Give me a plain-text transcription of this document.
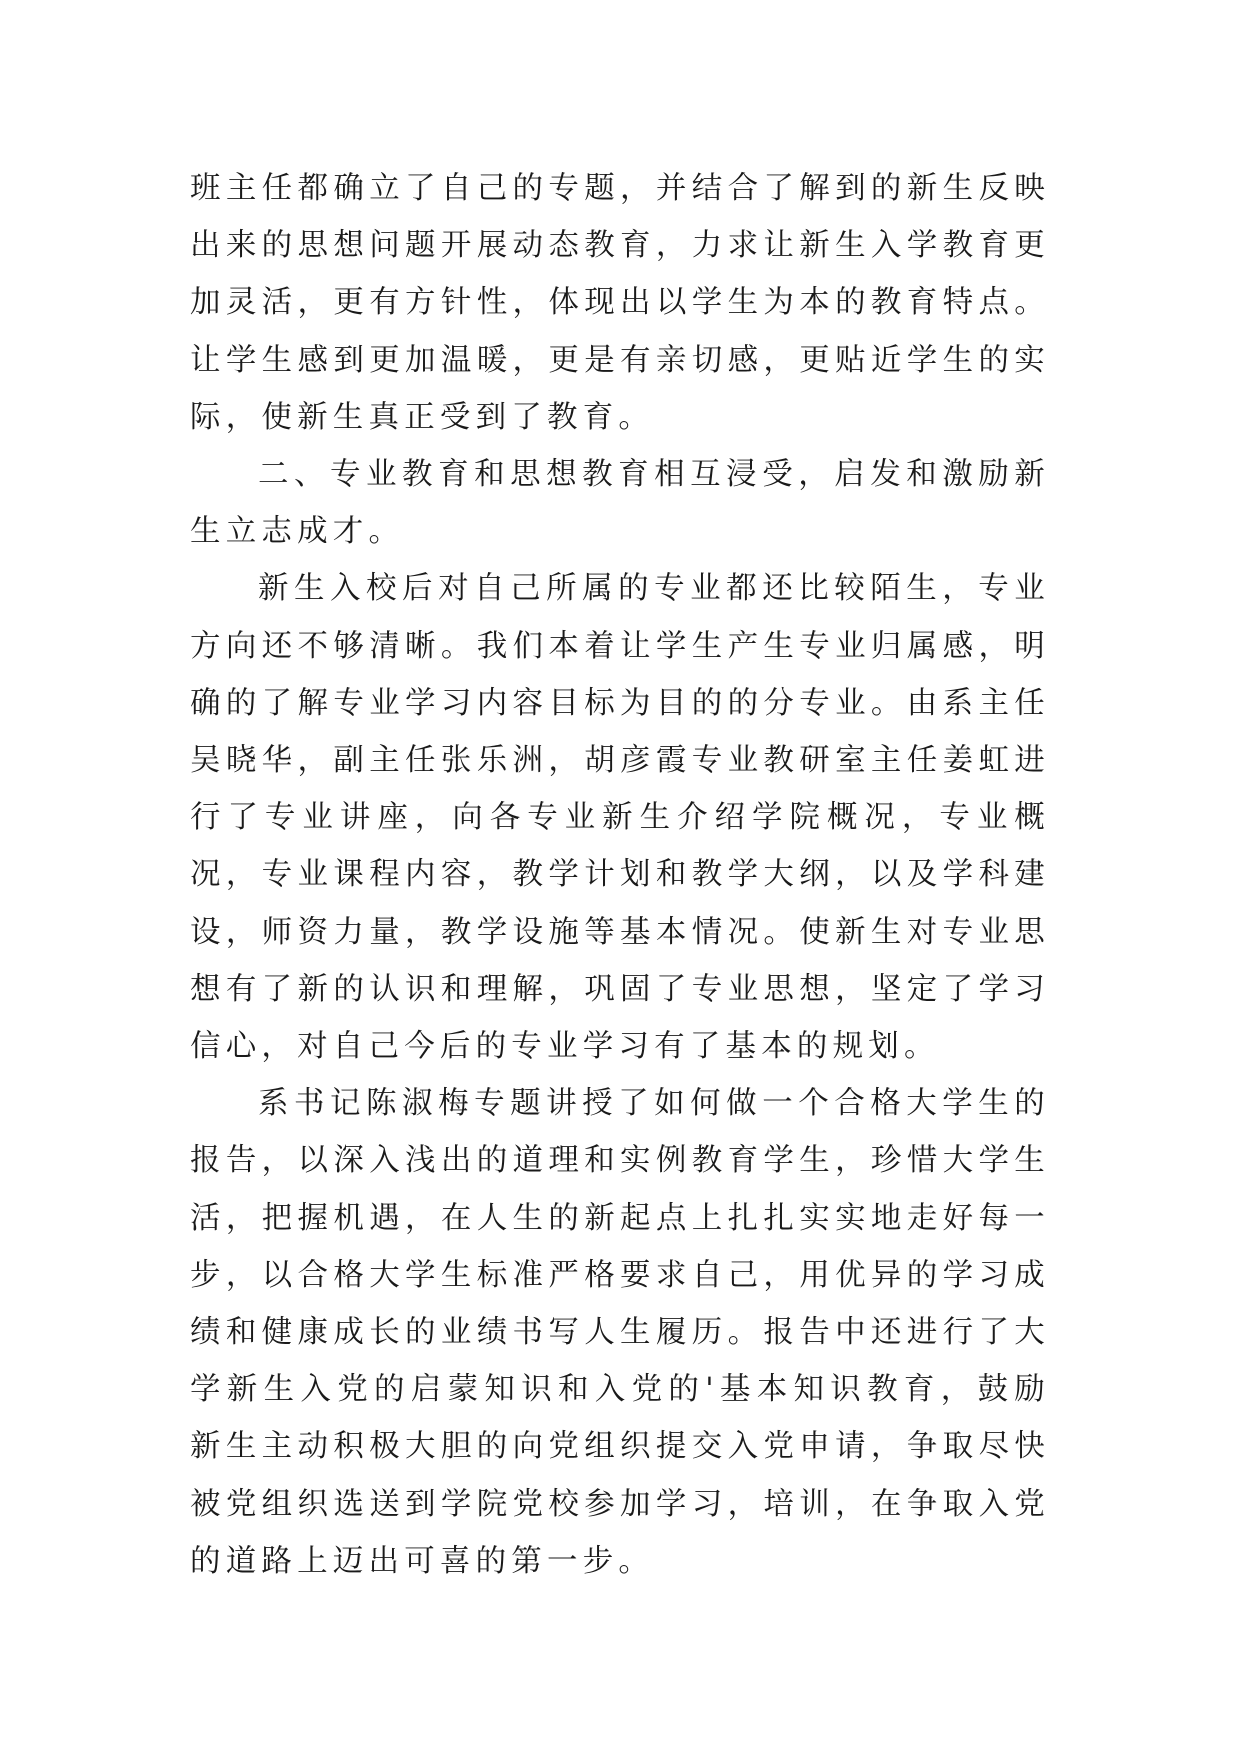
班主任都确立了自己的专题，并结合了解到的新生反映出来的思想问题开展动态教育，力求让新生入学教育更加灵活，更有方针性，体现出以学生为本的教育特点。让学生感到更加温暖，更是有亲切感，更贴近学生的实际，使新生真正受到了教育。

二、专业教育和思想教育相互浸受，启发和激励新生立志成才。

新生入校后对自己所属的专业都还比较陌生，专业方向还不够清晰。我们本着让学生产生专业归属感，明确的了解专业学习内容目标为目的的分专业。由系主任吴晓华，副主任张乐洲，胡彦霞专业教研室主任姜虹进行了专业讲座，向各专业新生介绍学院概况，专业概况，专业课程内容，教学计划和教学大纲，以及学科建设，师资力量，教学设施等基本情况。使新生对专业思想有了新的认识和理解，巩固了专业思想，坚定了学习信心，对自己今后的专业学习有了基本的规划。

系书记陈淑梅专题讲授了如何做一个合格大学生的报告，以深入浅出的道理和实例教育学生，珍惜大学生活，把握机遇，在人生的新起点上扎扎实实地走好每一步，以合格大学生标准严格要求自己，用优异的学习成绩和健康成长的业绩书写人生履历。报告中还进行了大学新生入党的启蒙知识和入党的'基本知识教育，鼓励新生主动积极大胆的向党组织提交入党申请，争取尽快被党组织选送到学院党校参加学习，培训，在争取入党的道路上迈出可喜的第一步。
